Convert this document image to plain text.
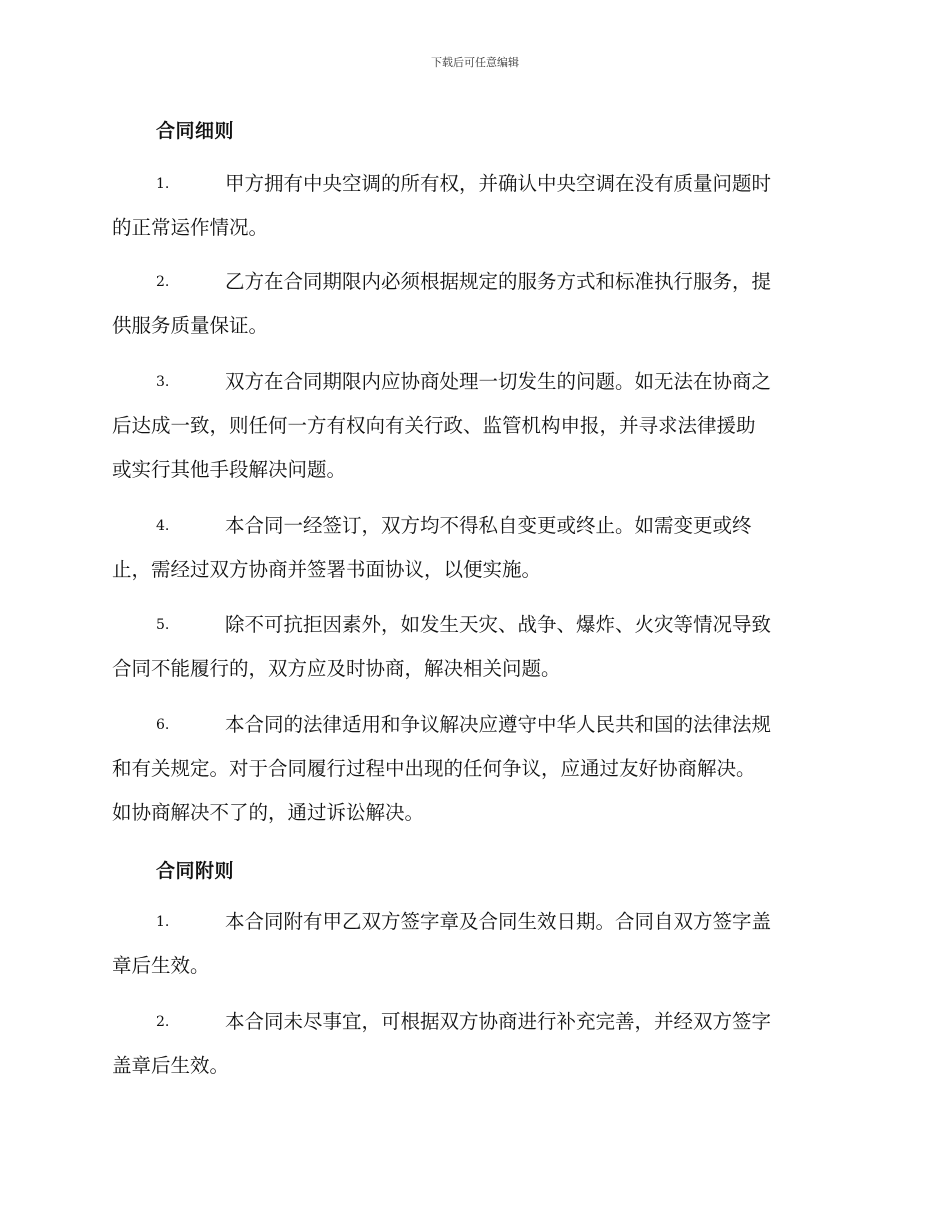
下载后可任意编辑
合同细则
1.	甲方拥有中央空调的所有权，并确认中央空调在没有质量问题时
的正常运作情况。
2.	乙方在合同期限内必须根据规定的服务方式和标准执行服务，提
供服务质量保证。
3.	双方在合同期限内应协商处理一切发生的问题。如无法在协商之
后达成一致，则任何一方有权向有关行政、监管机构申报，并寻求法律援助
或实行其他手段解决问题。
4.	本合同一经签订，双方均不得私自变更或终止。如需变更或终
止，需经过双方协商并签署书面协议，以便实施。
5.	除不可抗拒因素外，如发生天灾、战争、爆炸、火灾等情况导致
合同不能履行的，双方应及时协商，解决相关问题。
6.	本合同的法律适用和争议解决应遵守中华人民共和国的法律法规
和有关规定。对于合同履行过程中出现的任何争议，应通过友好协商解决。
如协商解决不了的，通过诉讼解决。
合同附则
1.	本合同附有甲乙双方签字章及合同生效日期。合同自双方签字盖
章后生效。
2.	本合同未尽事宜，可根据双方协商进行补充完善，并经双方签字
盖章后生效。
